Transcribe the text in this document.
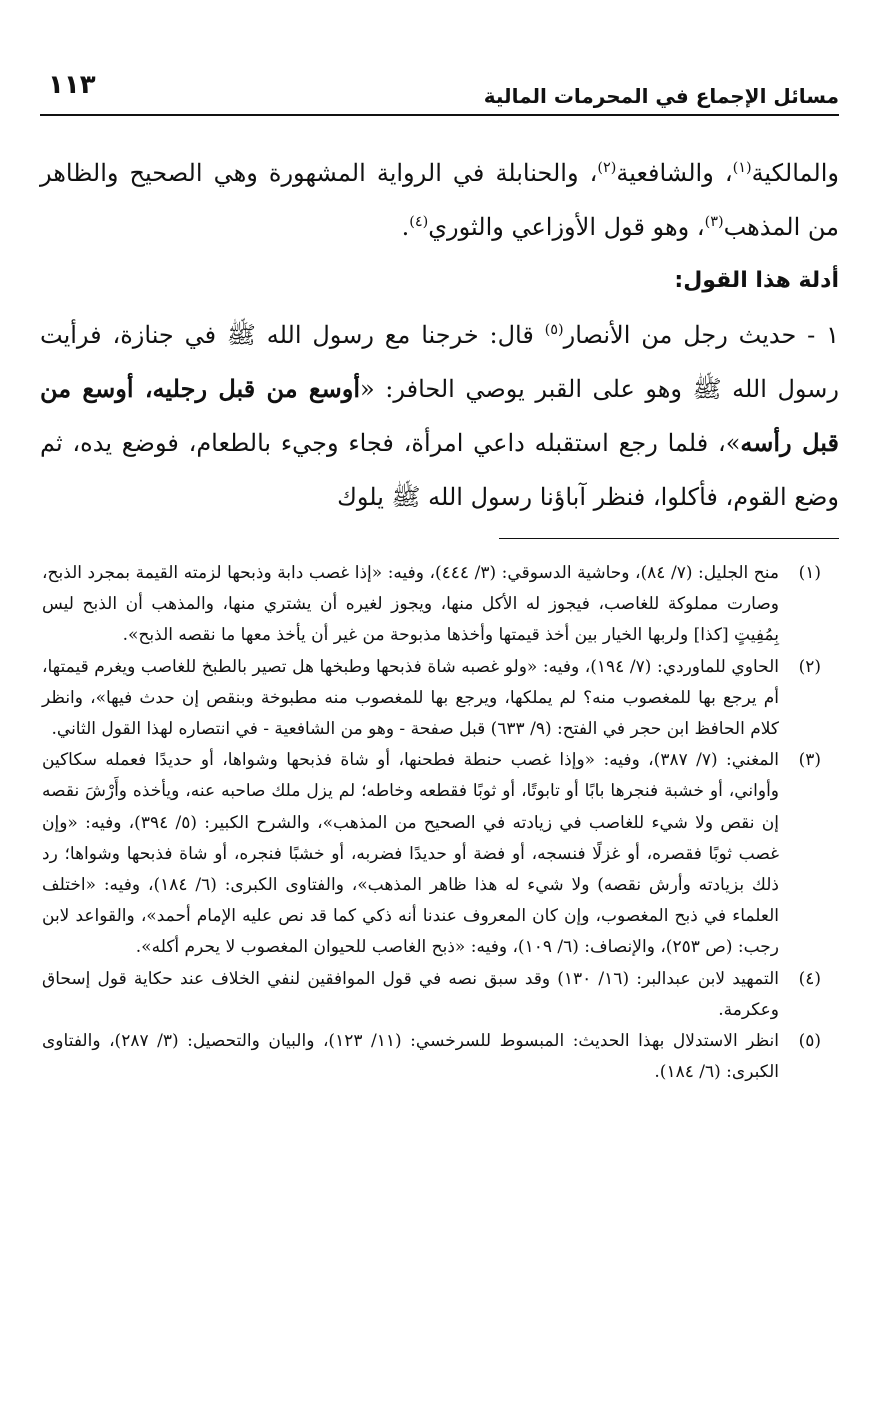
مسائل الإجماع في المحرمات المالية
١١٣

والمالكية$^{(١)}$، والشافعية$^{(٢)}$، والحنابلة في الرواية المشهورة وهي الصحيح والظاهر من المذهب$^{(٣)}$، وهو قول الأوزاعي والثوري$^{(٤)}$.

أدلة هذا القول:

١ - حديث رجل من الأنصار$^{(٥)}$ قال: خرجنا مع رسول الله ﷺ في جنازة، فرأيت رسول الله ﷺ وهو على القبر يوصي الحافر: «أوسع من قبل رجليه، أوسع من قبل رأسه»، فلما رجع استقبله داعي امرأة، فجاء وجيء بالطعام، فوضع يده، ثم وضع القوم، فأكلوا، فنظر آباؤنا رسول الله ﷺ يلوك

(١)
منح الجليل: (٧/ ٨٤)، وحاشية الدسوقي: (٣/ ٤٤٤)، وفيه: «إذا غصب دابة وذبحها لزمته القيمة بمجرد الذبح، وصارت مملوكة للغاصب، فيجوز له الأكل منها، ويجوز لغيره أن يشتري منها، والمذهب أن الذبح ليس بِمُفِيتٍ [كذا] ولربها الخيار بين أخذ قيمتها وأخذها مذبوحة من غير أن يأخذ معها ما نقصه الذبح».
(٢)
الحاوي للماوردي: (٧/ ١٩٤)، وفيه: «ولو غصبه شاة فذبحها وطبخها هل تصير بالطبخ للغاصب ويغرم قيمتها، أم يرجع بها للمغصوب منه؟ لم يملكها، ويرجع بها للمغصوب منه مطبوخة وبنقص إن حدث فيها»، وانظر كلام الحافظ ابن حجر في الفتح: (٩/ ٦٣٣) قبل صفحة - وهو من الشافعية - في انتصاره لهذا القول الثاني.
(٣)
المغني: (٧/ ٣٨٧)، وفيه: «وإذا غصب حنطة فطحنها، أو شاة فذبحها وشواها، أو حديدًا فعمله سكاكين وأواني، أو خشبة فنجرها بابًا أو تابوتًا، أو ثوبًا فقطعه وخاطه؛ لم يزل ملك صاحبه عنه، ويأخذه وأَرْشَ نقصه إن نقص ولا شيء للغاصب في زيادته في الصحيح من المذهب»، والشرح الكبير: (٥/ ٣٩٤)، وفيه: «وإن غصب ثوبًا فقصره، أو غزلًا فنسجه، أو فضة أو حديدًا فضربه، أو خشبًا فنجره، أو شاة فذبحها وشواها؛ رد ذلك بزيادته وأرش نقصه) ولا شيء له هذا ظاهر المذهب»، والفتاوى الكبرى: (٦/ ١٨٤)، وفيه: «اختلف العلماء في ذبح المغصوب، وإن كان المعروف عندنا أنه ذكي كما قد نص عليه الإمام أحمد»، والقواعد لابن رجب: (ص ٢٥٣)، والإنصاف: (٦/ ١٠٩)، وفيه: «ذبح الغاصب للحيوان المغصوب لا يحرم أكله».
(٤)
التمهيد لابن عبدالبر: (١٦/ ١٣٠) وقد سبق نصه في قول الموافقين لنفي الخلاف عند حكاية قول إسحاق وعكرمة.
(٥)
انظر الاستدلال بهذا الحديث: المبسوط للسرخسي: (١١/ ١٢٣)، والبيان والتحصيل: (٣/ ٢٨٧)، والفتاوى الكبرى: (٦/ ١٨٤).
